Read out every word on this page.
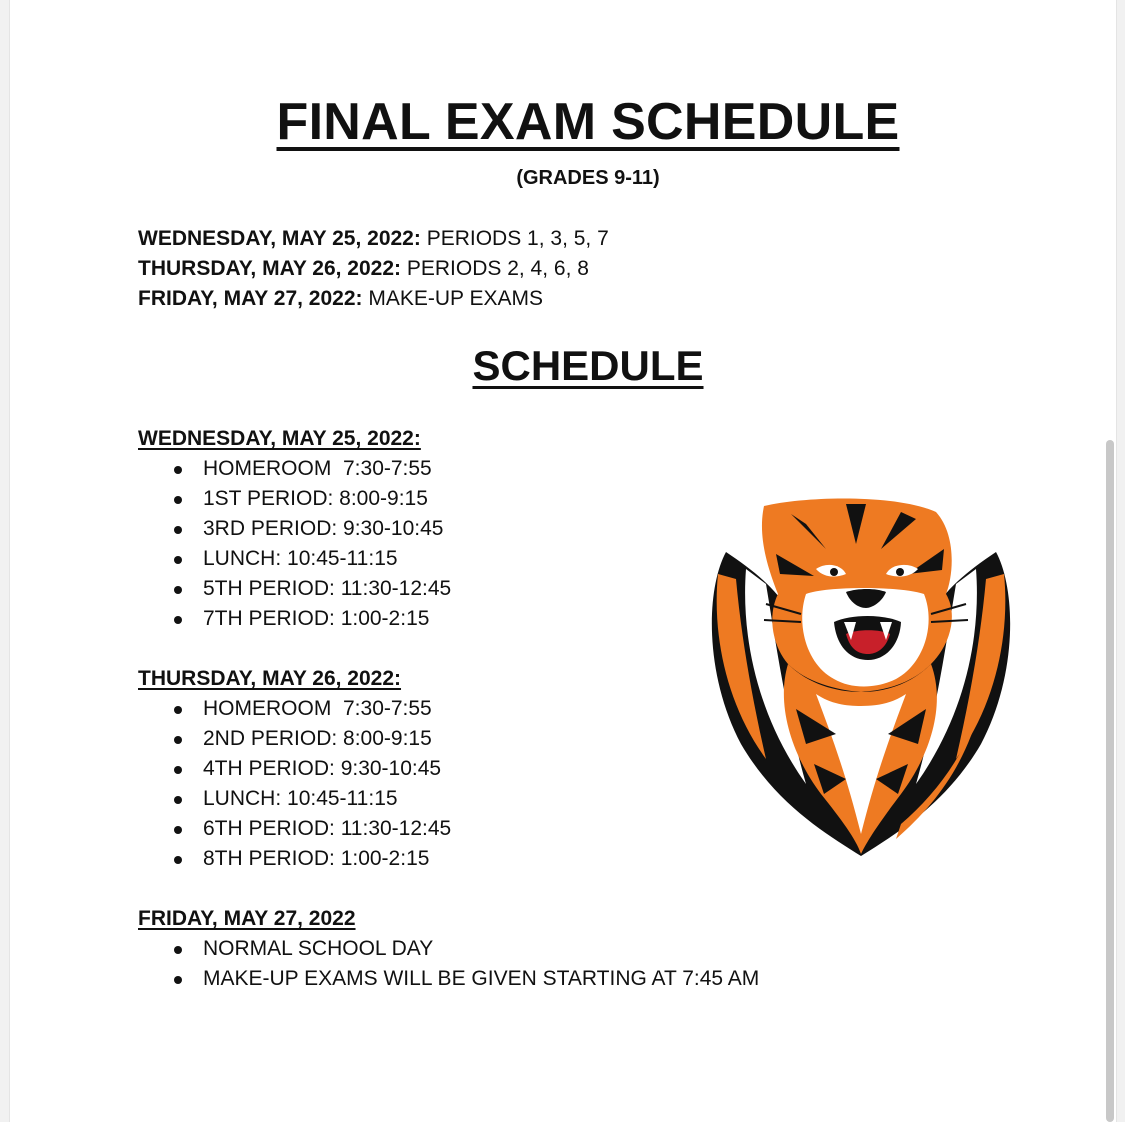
FINAL EXAM SCHEDULE
(GRADES 9-11)
WEDNESDAY, MAY 25, 2022: PERIODS 1, 3, 5, 7
THURSDAY, MAY 26, 2022: PERIODS 2, 4, 6, 8
FRIDAY, MAY 27, 2022: MAKE-UP EXAMS
SCHEDULE
WEDNESDAY, MAY 25, 2022:
HOMEROOM  7:30-7:55
1ST PERIOD: 8:00-9:15
3RD PERIOD: 9:30-10:45
LUNCH: 10:45-11:15
5TH PERIOD: 11:30-12:45
7TH PERIOD: 1:00-2:15
THURSDAY, MAY 26, 2022:
HOMEROOM  7:30-7:55
2ND PERIOD: 8:00-9:15
4TH PERIOD: 9:30-10:45
LUNCH: 10:45-11:15
6TH PERIOD: 11:30-12:45
8TH PERIOD: 1:00-2:15
FRIDAY, MAY 27, 2022
NORMAL SCHOOL DAY
MAKE-UP EXAMS WILL BE GIVEN STARTING AT 7:45 AM
